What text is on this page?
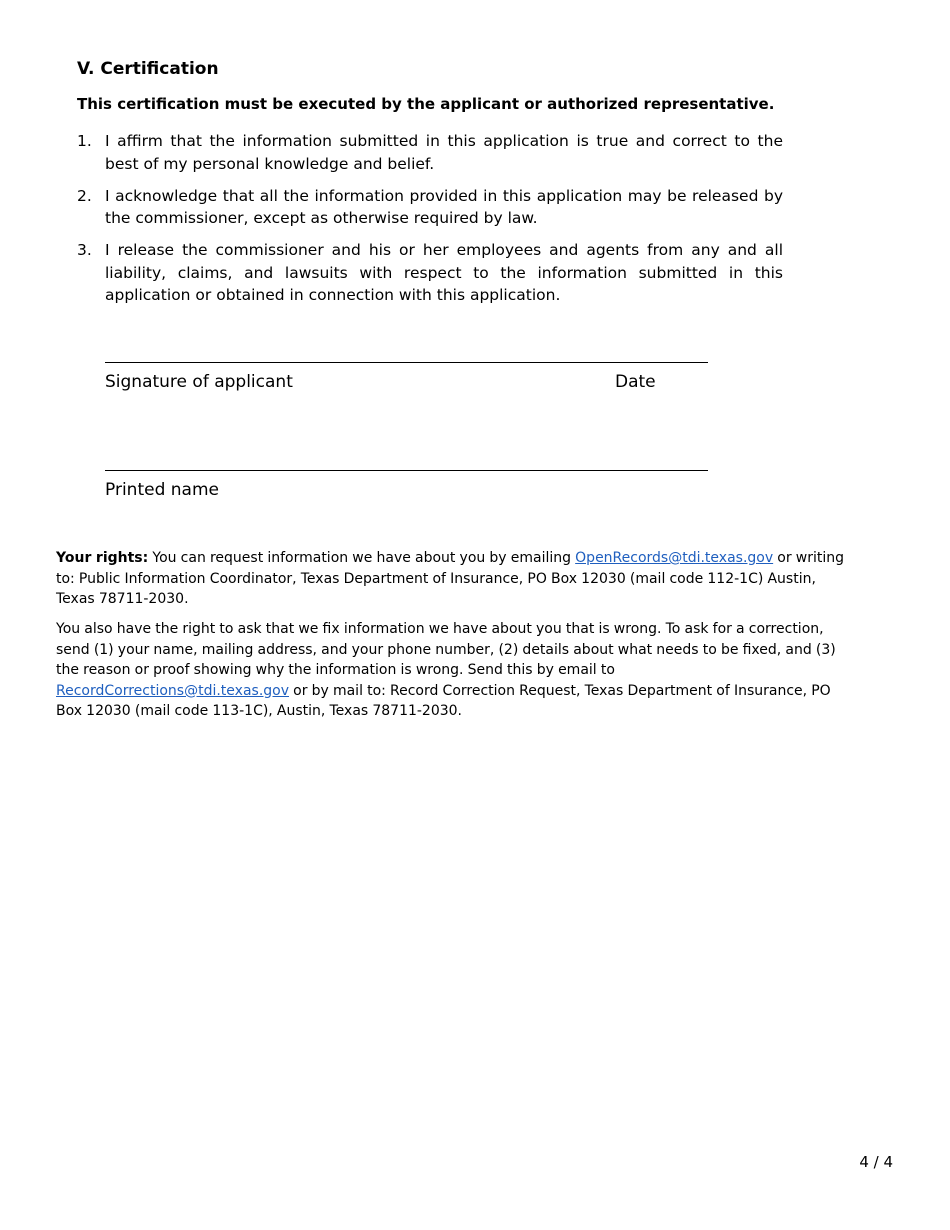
V. Certification

This certification must be executed by the applicant or authorized representative.

1. I affirm that the information submitted in this application is true and correct to the best of my personal knowledge and belief.
2. I acknowledge that all the information provided in this application may be released by the commissioner, except as otherwise required by law.
3. I release the commissioner and his or her employees and agents from any and all liability, claims, and lawsuits with respect to the information submitted in this application or obtained in connection with this application.
Signature of applicant	Date
Printed name

Your rights: You can request information we have about you by emailing OpenRecords@tdi.texas.gov or writing to: Public Information Coordinator, Texas Department of Insurance, PO Box 12030 (mail code 112-1C) Austin, Texas 78711-2030.

You also have the right to ask that we fix information we have about you that is wrong. To ask for a correction, send (1) your name, mailing address, and your phone number, (2) details about what needs to be fixed, and (3) the reason or proof showing why the information is wrong. Send this by email to RecordCorrections@tdi.texas.gov or by mail to: Record Correction Request, Texas Department of Insurance, PO Box 12030 (mail code 113-1C), Austin, Texas 78711-2030.

4 / 4
